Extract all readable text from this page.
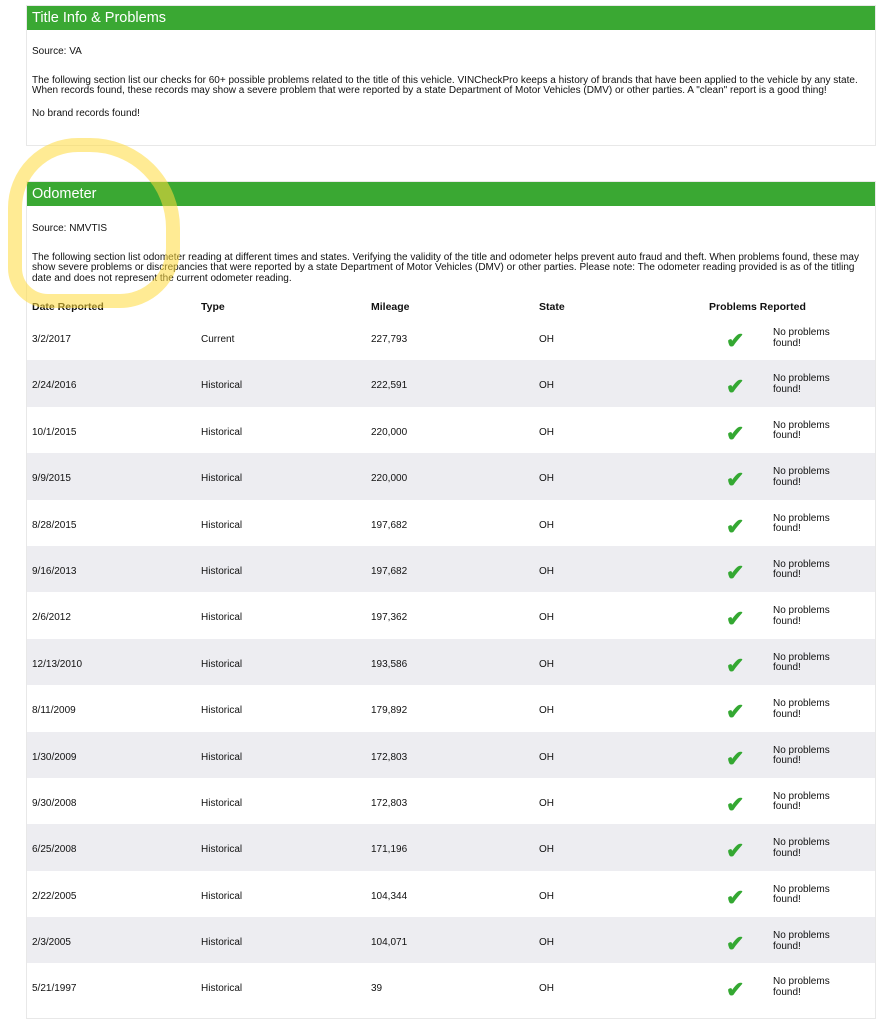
Title Info & Problems
Source: VA
The following section list our checks for 60+ possible problems related to the title of this vehicle. VINCheckPro keeps a history of brands that have been applied to the vehicle by any state. When records found, these records may show a severe problem that were reported by a state Department of Motor Vehicles (DMV) or other parties. A "clean" report is a good thing!
No brand records found!
Odometer
Source: NMVTIS
The following section list odometer reading at different times and states. Verifying the validity of the title and odometer helps prevent auto fraud and theft. When problems found, these may show severe problems or discrepancies that were reported by a state Department of Motor Vehicles (DMV) or other parties. Please note: The odometer reading provided is as of the titling date and does not represent the current odometer reading.
Date Reported	Type	Mileage	State	Problems Reported
3/2/2017	Current	227,793	OH	✔	No problems found!
2/24/2016	Historical	222,591	OH	✔	No problems found!
10/1/2015	Historical	220,000	OH	✔	No problems found!
9/9/2015	Historical	220,000	OH	✔	No problems found!
8/28/2015	Historical	197,682	OH	✔	No problems found!
9/16/2013	Historical	197,682	OH	✔	No problems found!
2/6/2012	Historical	197,362	OH	✔	No problems found!
12/13/2010	Historical	193,586	OH	✔	No problems found!
8/11/2009	Historical	179,892	OH	✔	No problems found!
1/30/2009	Historical	172,803	OH	✔	No problems found!
9/30/2008	Historical	172,803	OH	✔	No problems found!
6/25/2008	Historical	171,196	OH	✔	No problems found!
2/22/2005	Historical	104,344	OH	✔	No problems found!
2/3/2005	Historical	104,071	OH	✔	No problems found!
5/21/1997	Historical	39	OH	✔	No problems found!
